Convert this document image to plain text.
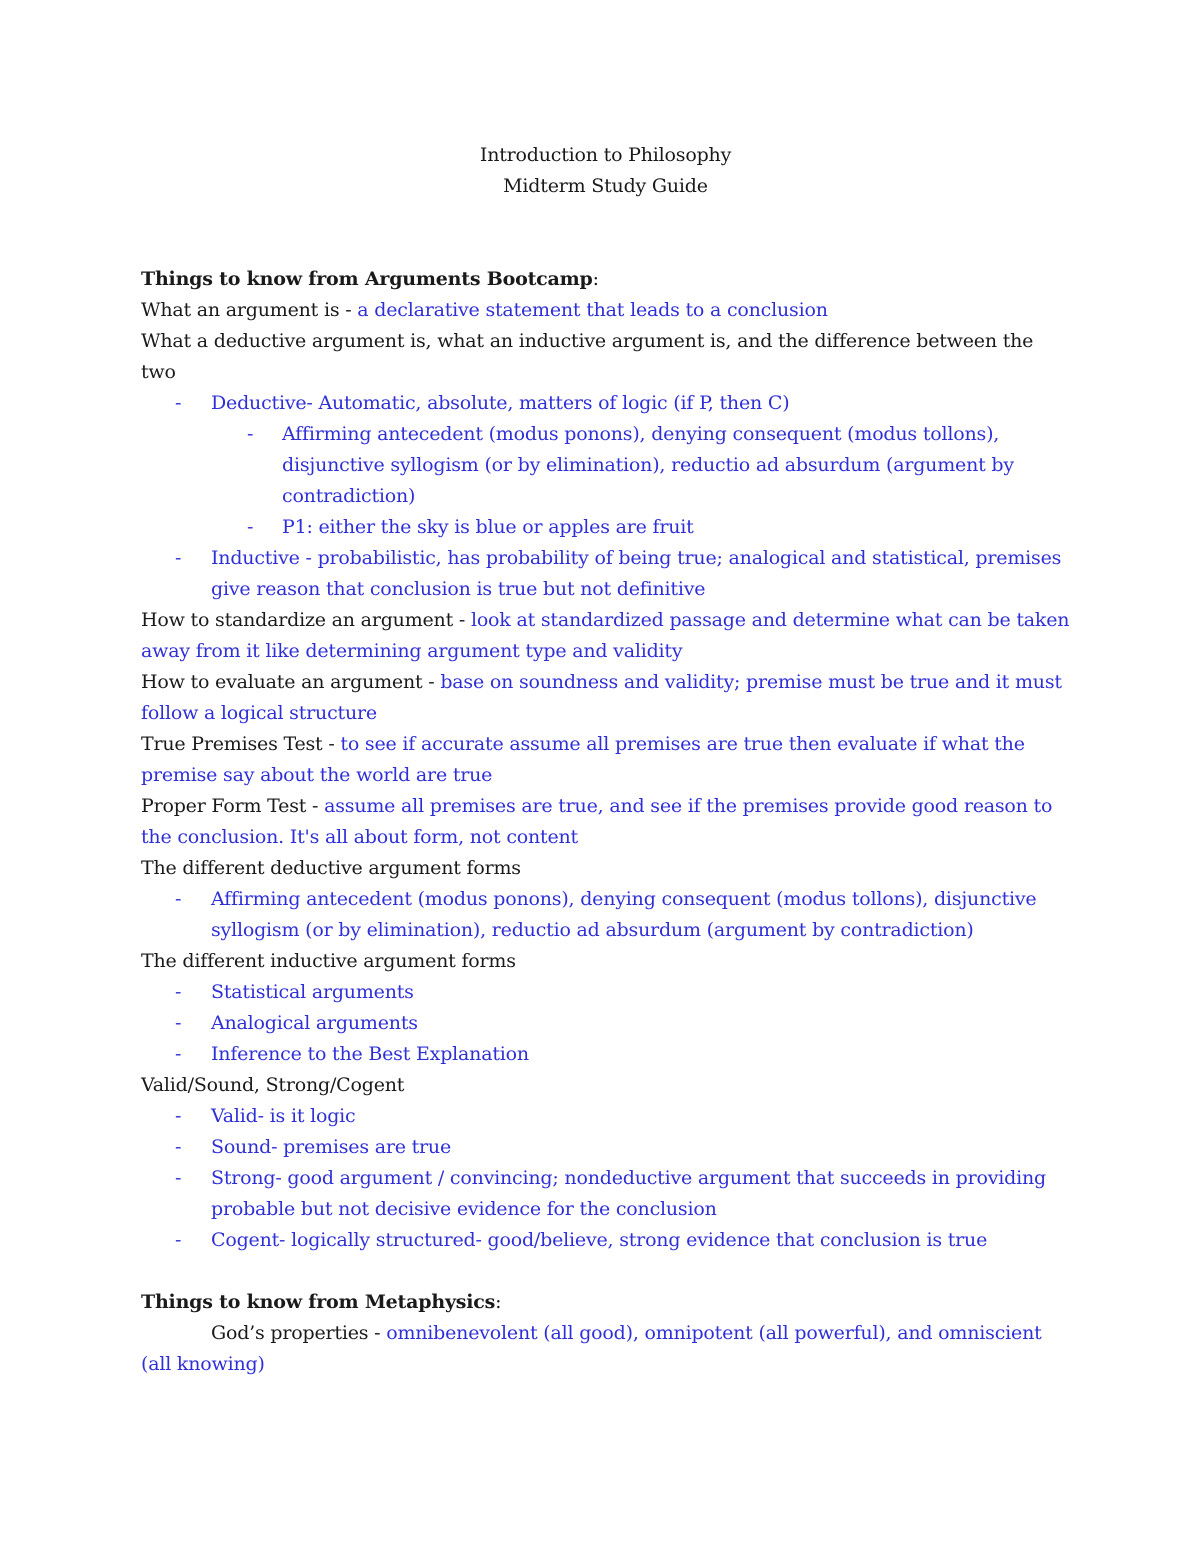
Introduction to Philosophy

Midterm Study Guide

Things to know from Arguments Bootcamp:

What an argument is - a declarative statement that leads to a conclusion

What a deductive argument is, what an inductive argument is, and the difference between the two

- Deductive- Automatic, absolute, matters of logic (if P, then C)
- Affirming antecedent (modus ponons), denying consequent (modus tollons), disjunctive syllogism (or by elimination), reductio ad absurdum (argument by contradiction)
- P1: either the sky is blue or apples are fruit
- Inductive - probabilistic, has probability of being true; analogical and statistical, premises give reason that conclusion is true but not definitive

How to standardize an argument - look at standardized passage and determine what can be taken away from it like determining argument type and validity

How to evaluate an argument - base on soundness and validity; premise must be true and it must follow a logical structure

True Premises Test - to see if accurate assume all premises are true then evaluate if what the premise say about the world are true

Proper Form Test - assume all premises are true, and see if the premises provide good reason to the conclusion. It's all about form, not content

The different deductive argument forms

- Affirming antecedent (modus ponons), denying consequent (modus tollons), disjunctive syllogism (or by elimination), reductio ad absurdum (argument by contradiction)

The different inductive argument forms

- Statistical arguments
- Analogical arguments
- Inference to the Best Explanation

Valid/Sound, Strong/Cogent

- Valid- is it logic
- Sound- premises are true
- Strong- good argument / convincing; nondeductive argument that succeeds in providing probable but not decisive evidence for the conclusion
- Cogent- logically structured- good/believe, strong evidence that conclusion is true

Things to know from Metaphysics:

God’s properties - omnibenevolent (all good), omnipotent (all powerful), and omniscient (all knowing)
